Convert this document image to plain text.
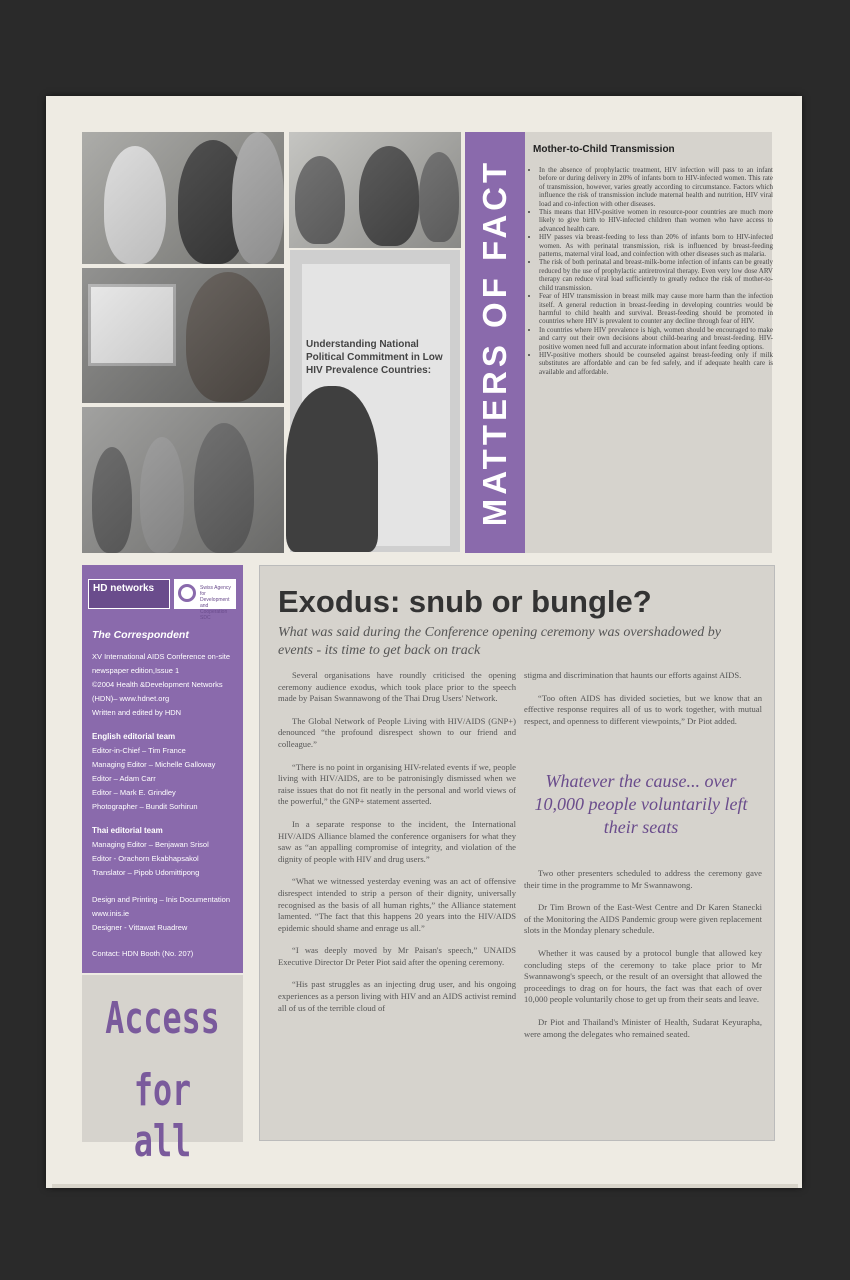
Understanding National Political Commitment in Low HIV Prevalence Countries:	MATTERS OF FACT
Mother-to-Child Transmission
• In the absence of prophylactic treatment, HIV infection will pass to an infant before or during delivery in 20% of infants born to HIV-infected women. This rate of transmission, however, varies greatly according to circumstance. Factors which influence the risk of transmission include maternal health and nutrition, HIV viral load and co-infection with other diseases.
• This means that HIV-positive women in resource-poor countries are much more likely to give birth to HIV-infected children than women who have access to advanced health care.
• HIV passes via breast-feeding to less than 20% of infants born to HIV-infected women. As with perinatal transmission, risk is influenced by breast-feeding patterns, maternal viral load, and coinfection with other diseases such as malaria.
• The risk of both perinatal and breast-milk-borne infection of infants can be greatly reduced by the use of prophylactic antiretroviral therapy. Even very low dose ARV therapy can reduce viral load sufficiently to greatly reduce the risk of mother-to-child transmission.
• Fear of HIV transmission in breast milk may cause more harm than the infection itself. A general reduction in breast-feeding in developing countries would be harmful to child health and survival. Breast-feeding should be promoted in countries where HIV is prevalent to counter any decline through fear of HIV.
• In countries where HIV prevalence is high, women should be encouraged to make and carry out their own decisions about child-bearing and breast-feeding. HIV-positive women need full and accurate information about infant feeding options.
• HIV-positive mothers should be counseled against breast-feeding only if milk substitutes are affordable and can be fed safely, and if adequate health care is available and affordable.
HD networks	Swiss Agency for Development and Cooperation SDC
The Correspondent
XV International AIDS Conference on-site
newspaper edition,Issue 1
©2004 Health &Development Networks
(HDN)– www.hdnet.org
Written and edited by HDN
English editorial team
Editor-in-Chief – Tim France
Managing Editor – Michelle Galloway
Editor – Adam Carr
Editor – Mark E. Grindley
Photographer – Bundit Sorhirun
Thai editorial team
Managing Editor – Benjawan Srisol
Editor - Orachorn Ekabhapsakol
Translator – Pipob Udomittipong
Design and Printing – Inis Documentation
www.inis.ie
Designer - Vittawat Ruadrew
Contact: HDN Booth (No. 207)
Access
for all
Exodus: snub or bungle?
What was said during the Conference opening ceremony was overshadowed by events - its time to get back on track

Several organisations have roundly criticised the opening ceremony audience exodus, which took place prior to the speech made by Paisan Swannawong of the Thai Drug Users' Network.

The Global Network of People Living with HIV/AIDS (GNP+) denounced “the profound disrespect shown to our friend and colleague.”

“There is no point in organising HIV-related events if we, people living with HIV/AIDS, are to be patronisingly dismissed when we raise issues that do not fit neatly in the personal and world views of the powerful,” the GNP+ statement asserted.

In a separate response to the incident, the International HIV/AIDS Alliance blamed the conference organisers for what they saw as “an appalling compromise of integrity, and violation of the dignity of people with HIV and drug users.”

“What we witnessed yesterday evening was an act of offensive disrespect intended to strip a person of their dignity, universally recognised as the basis of all human rights,” the Alliance statement lamented. “The fact that this happens 20 years into the HIV/AIDS epidemic should shame and enrage us all.”

“I was deeply moved by Mr Paisan's speech,” UNAIDS Executive Director Dr Peter Piot said after the opening ceremony.

“His past struggles as an injecting drug user, and his ongoing experiences as a person living with HIV and an AIDS activist remind all of us of the terrible cloud of

stigma and discrimination that haunts our efforts against AIDS.

“Too often AIDS has divided societies, but we know that an effective response requires all of us to work together, with mutual respect, and openness to different viewpoints,” Dr Piot added.

Whatever the cause... over 10,000 people voluntarily left their seats

Two other presenters scheduled to address the ceremony gave their time in the programme to Mr Swannawong.

Dr Tim Brown of the East-West Centre and Dr Karen Stanecki of the Monitoring the AIDS Pandemic group were given replacement slots in the Monday plenary schedule.

Whether it was caused by a protocol bungle that allowed key concluding steps of the ceremony to take place prior to Mr Swannawong's speech, or the result of an oversight that allowed the proceedings to drag on for hours, the fact was that each of over 10,000 people voluntarily chose to get up from their seats and leave.

Dr Piot and Thailand's Minister of Health, Sudarat Keyurapha, were among the delegates who remained seated.
